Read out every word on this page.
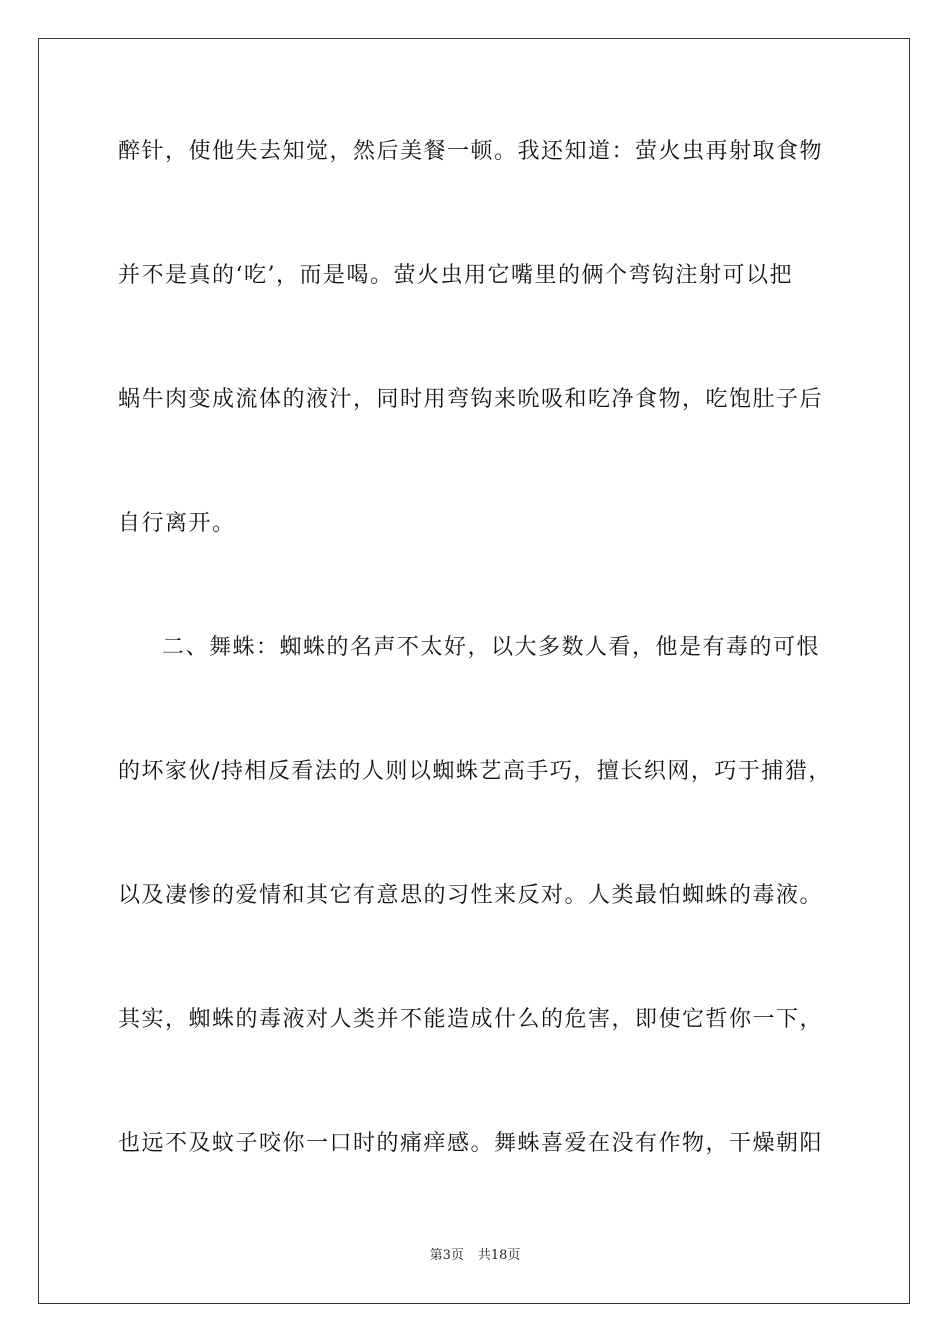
醉针，使他失去知觉，然后美餐一顿。我还知道：萤火虫再射取食物
并不是真的‘吃’，而是喝。萤火虫用它嘴里的俩个弯钩注射可以把
蜗牛肉变成流体的液汁，同时用弯钩来吮吸和吃净食物，吃饱肚子后
自行离开。
二、舞蛛：蜘蛛的名声不太好，以大多数人看，他是有毒的可恨
的坏家伙/持相反看法的人则以蜘蛛艺高手巧，擅长织网，巧于捕猎，
以及凄惨的爱情和其它有意思的习性来反对。人类最怕蜘蛛的毒液。
其实，蜘蛛的毒液对人类并不能造成什么的危害，即使它哲你一下，
也远不及蚊子咬你一口时的痛痒感。舞蛛喜爱在没有作物，干燥朝阳
第3页 共18页
